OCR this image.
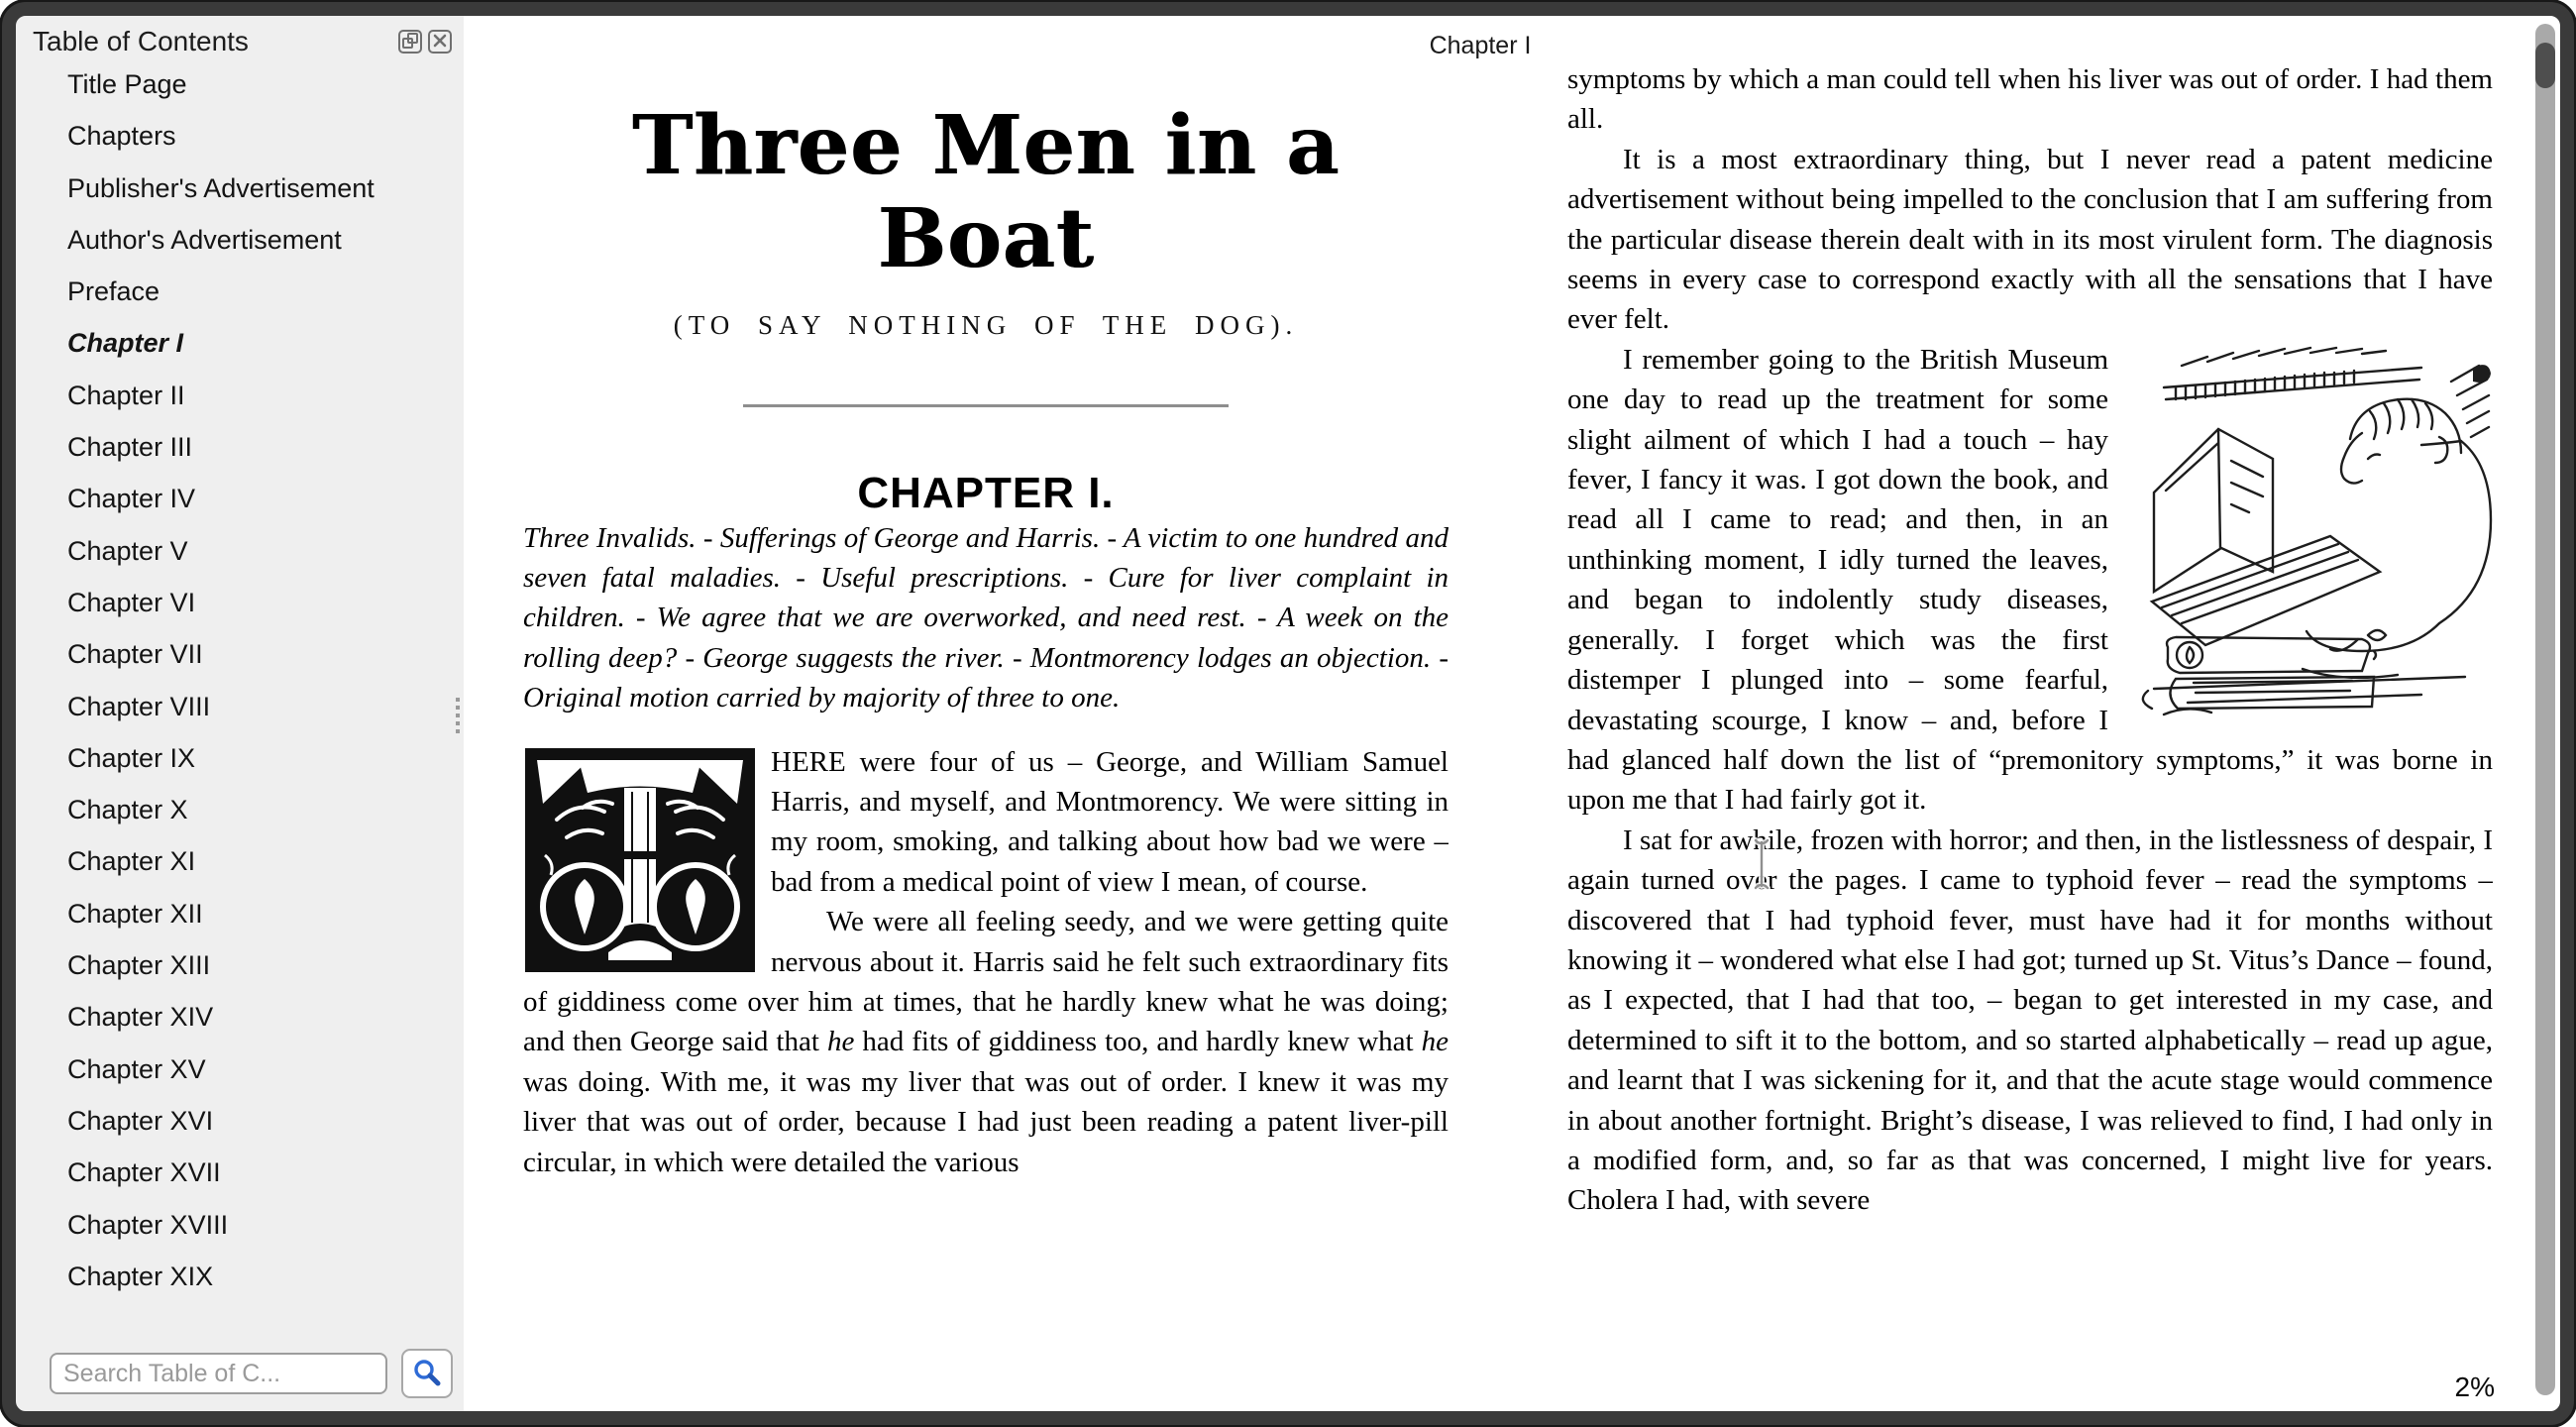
Table of Contents
Title Page
Chapters
Publisher's Advertisement
Author's Advertisement
Preface
Chapter I
Chapter II
Chapter III
Chapter IV
Chapter V
Chapter VI
Chapter VII
Chapter VIII
Chapter IX
Chapter X
Chapter XI
Chapter XII
Chapter XIII
Chapter XIV
Chapter XV
Chapter XVI
Chapter XVII
Chapter XVIII
Chapter XIX
Search Table of C...
Chapter I
Three Men in a Boat
(TO SAY NOTHING OF THE DOG).
CHAPTER I.

Three Invalids. - Sufferings of George and Harris. - A victim to one hundred and seven fatal maladies. - Useful prescriptions. - Cure for liver complaint in children. - We agree that we are overworked, and need rest. - A week on the rolling deep? - George suggests the river. - Montmorency lodges an objection. - Original motion carried by majority of three to one.

HERE were four of us – George, and William Samuel Harris, and myself, and Montmorency. We were sitting in my room, smoking, and talking about how bad we were – bad from a medical point of view I mean, of course.

We were all feeling seedy, and we were getting quite nervous about it. Harris said he felt such extraordinary fits of giddiness come over him at times, that he hardly knew what he was doing; and then George said that he had fits of giddiness too, and hardly knew what he was doing. With me, it was my liver that was out of order. I knew it was my liver that was out of order, because I had just been reading a patent liver-pill circular, in which were detailed the various

symptoms by which a man could tell when his liver was out of order. I had them all.

It is a most extraordinary thing, but I never read a patent medicine advertisement without being impelled to the conclusion that I am suffering from the particular disease therein dealt with in its most virulent form. The diagnosis seems in every case to correspond exactly with all the sensations that I have ever felt.

I remember going to the British Museum one day to read up the treatment for some slight ailment of which I had a touch – hay fever, I fancy it was. I got down the book, and read all I came to read; and then, in an unthinking moment, I idly turned the leaves, and began to indolently study diseases, generally. I forget which was the first distemper I plunged into – some fearful, devastating scourge, I know – and, before I had glanced half down the list of “premonitory symptoms,” it was borne in upon me that I had fairly got it.

I sat for awhile, frozen with horror; and then, in the listlessness of despair, I again turned over the pages. I came to typhoid fever – read the symptoms – discovered that I had typhoid fever, must have had it for months without knowing it – wondered what else I had got; turned up St. Vitus’s Dance – found, as I expected, that I had that too, – began to get interested in my case, and determined to sift it to the bottom, and so started alphabetically – read up ague, and learnt that I was sickening for it, and that the acute stage would commence in about another fortnight. Bright’s disease, I was relieved to find, I had only in a modified form, and, so far as that was concerned, I might live for years. Cholera I had, with severe

2%
